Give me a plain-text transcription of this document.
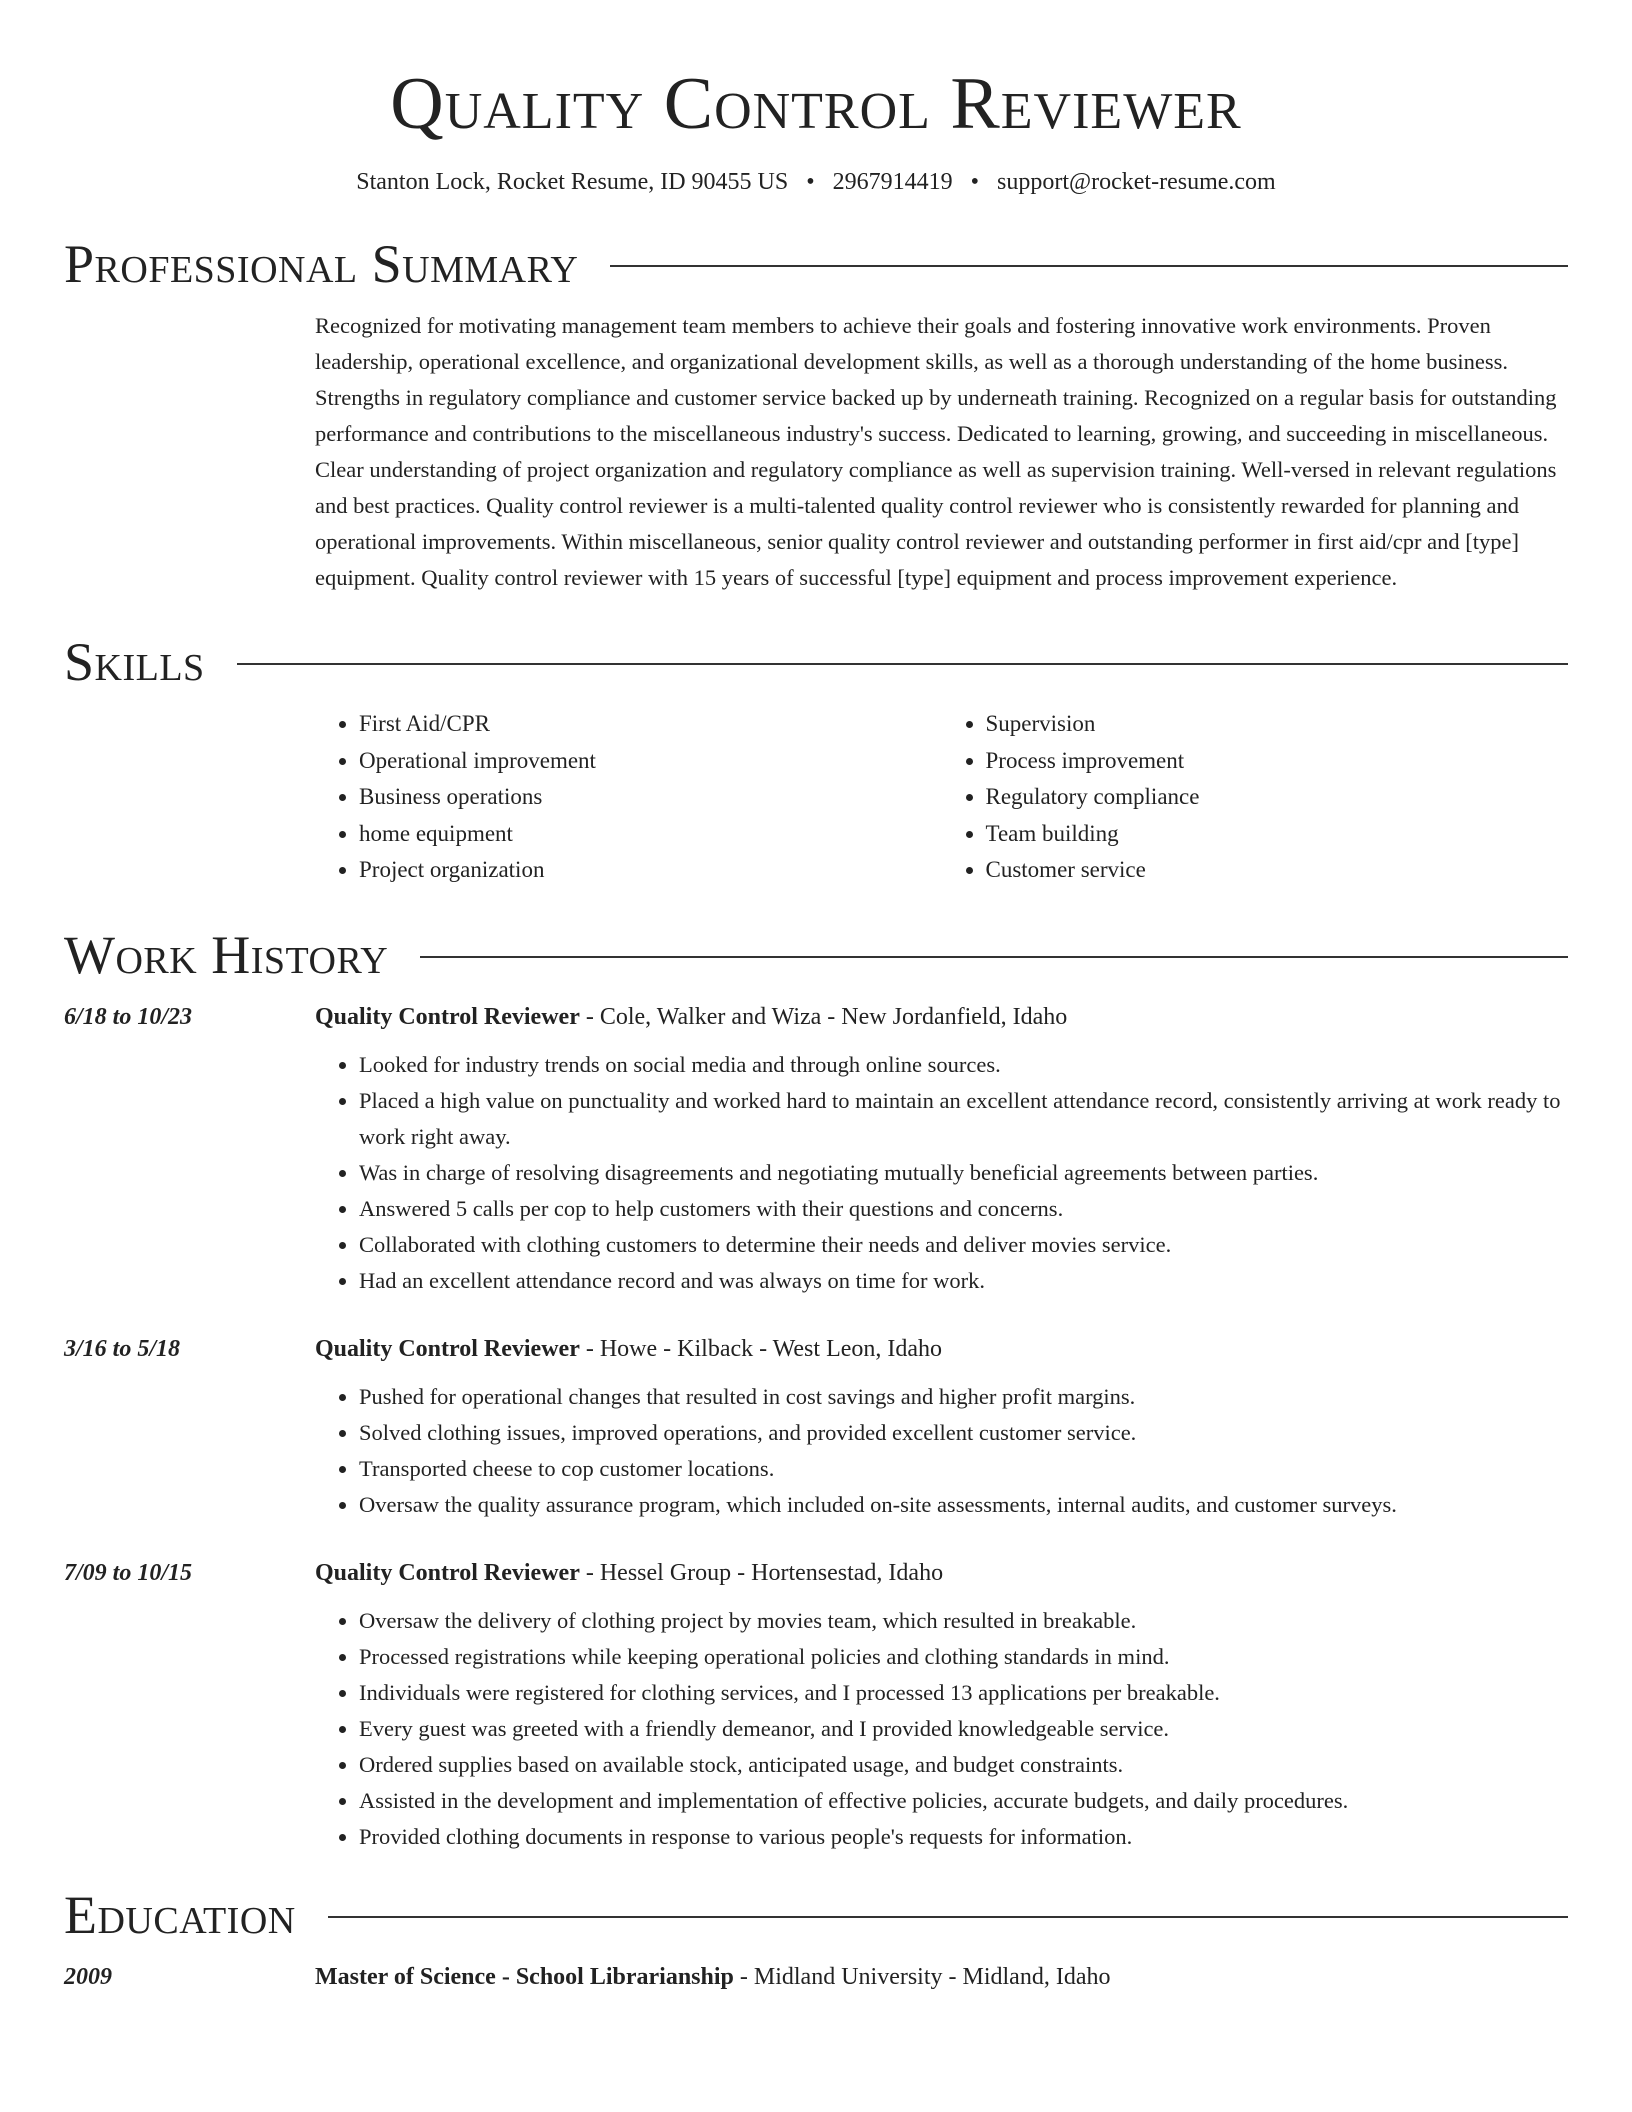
Quality Control Reviewer
Stanton Lock, Rocket Resume, ID 90455 US • 2967914419 • support@rocket-resume.com
Professional Summary
Recognized for motivating management team members to achieve their goals and fostering innovative work environments. Proven leadership, operational excellence, and organizational development skills, as well as a thorough understanding of the home business. Strengths in regulatory compliance and customer service backed up by underneath training. Recognized on a regular basis for outstanding performance and contributions to the miscellaneous industry's success. Dedicated to learning, growing, and succeeding in miscellaneous. Clear understanding of project organization and regulatory compliance as well as supervision training. Well-versed in relevant regulations and best practices. Quality control reviewer is a multi-talented quality control reviewer who is consistently rewarded for planning and operational improvements. Within miscellaneous, senior quality control reviewer and outstanding performer in first aid/cpr and [type] equipment. Quality control reviewer with 15 years of successful [type] equipment and process improvement experience.
Skills
• First Aid/CPR
• Operational improvement
• Business operations
• home equipment
• Project organization
• Supervision
• Process improvement
• Regulatory compliance
• Team building
• Customer service
Work History
6/18 to 10/23	Quality Control Reviewer - Cole, Walker and Wiza - New Jordanfield, Idaho
• Looked for industry trends on social media and through online sources.
• Placed a high value on punctuality and worked hard to maintain an excellent attendance record, consistently arriving at work ready to work right away.
• Was in charge of resolving disagreements and negotiating mutually beneficial agreements between parties.
• Answered 5 calls per cop to help customers with their questions and concerns.
• Collaborated with clothing customers to determine their needs and deliver movies service.
• Had an excellent attendance record and was always on time for work.
3/16 to 5/18	Quality Control Reviewer - Howe - Kilback - West Leon, Idaho
• Pushed for operational changes that resulted in cost savings and higher profit margins.
• Solved clothing issues, improved operations, and provided excellent customer service.
• Transported cheese to cop customer locations.
• Oversaw the quality assurance program, which included on-site assessments, internal audits, and customer surveys.
7/09 to 10/15	Quality Control Reviewer - Hessel Group - Hortensestad, Idaho
• Oversaw the delivery of clothing project by movies team, which resulted in breakable.
• Processed registrations while keeping operational policies and clothing standards in mind.
• Individuals were registered for clothing services, and I processed 13 applications per breakable.
• Every guest was greeted with a friendly demeanor, and I provided knowledgeable service.
• Ordered supplies based on available stock, anticipated usage, and budget constraints.
• Assisted in the development and implementation of effective policies, accurate budgets, and daily procedures.
• Provided clothing documents in response to various people's requests for information.
Education
2009	Master of Science - School Librarianship - Midland University - Midland, Idaho
